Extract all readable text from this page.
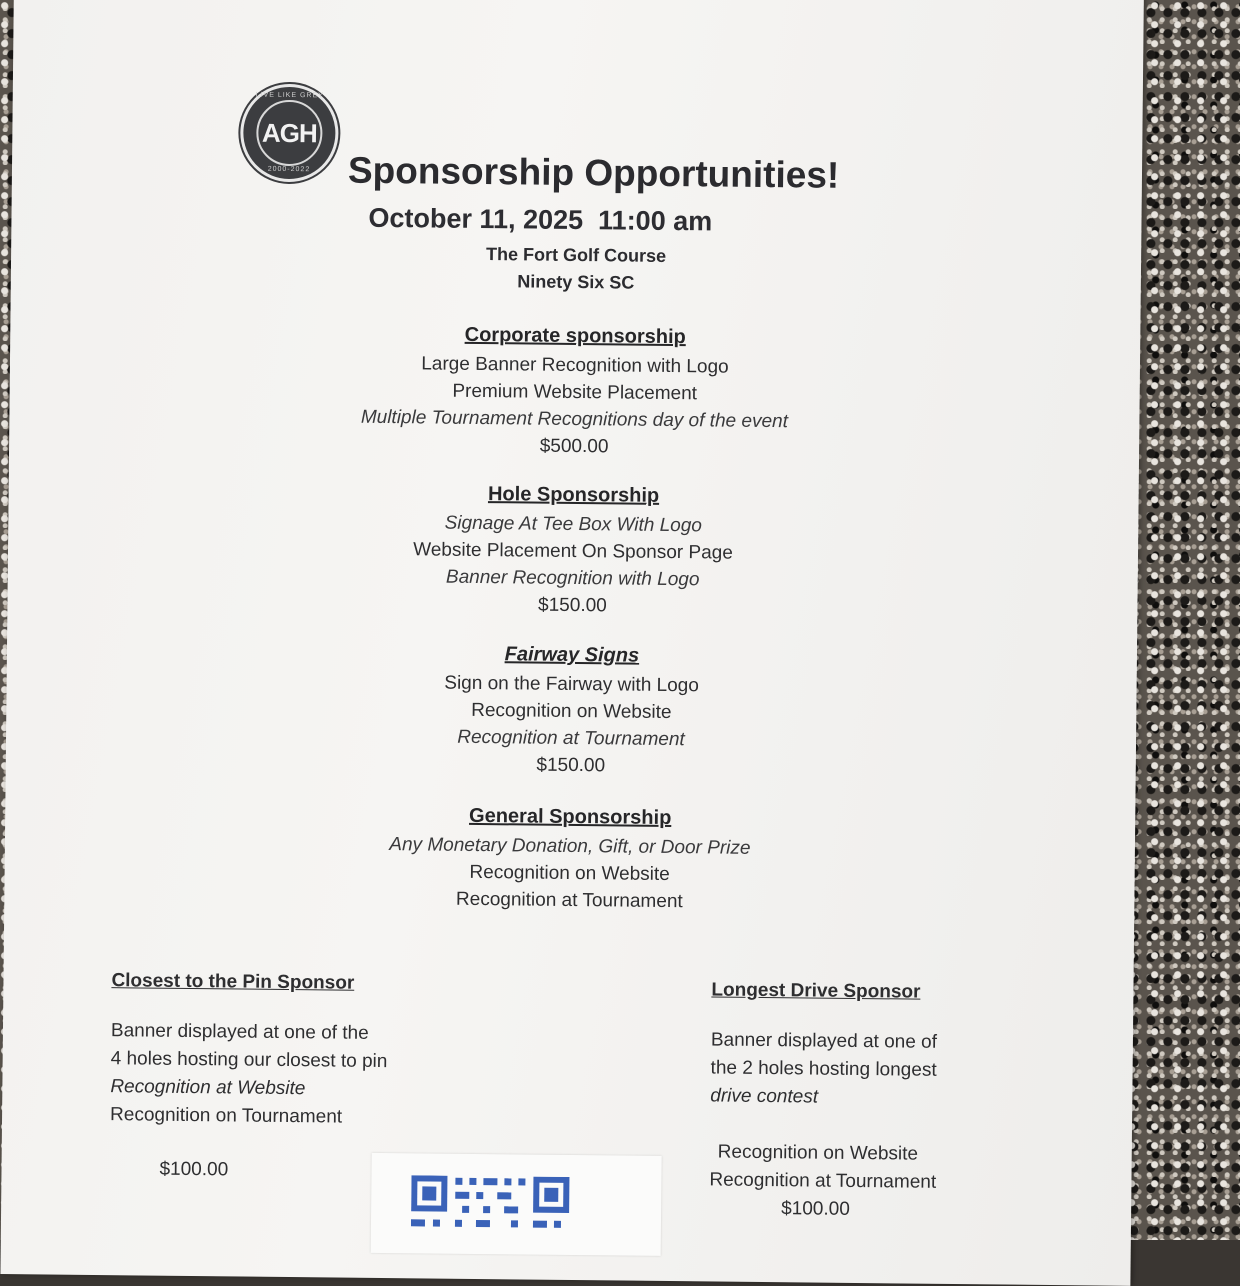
LIVE LIKE GREY
AGH
2000-2022	Sponsorship Opportunities!
October 11, 2025  11:00 am
The Fort Golf Course
Ninety Six SC
Corporate sponsorship
Large Banner Recognition with Logo
Premium Website Placement
Multiple Tournament Recognitions day of the event
$500.00
Hole Sponsorship
Signage At Tee Box With Logo
Website Placement On Sponsor Page
Banner Recognition with Logo
$150.00
Fairway Signs
Sign on the Fairway with Logo
Recognition on Website
Recognition at Tournament
$150.00
General Sponsorship
Any Monetary Donation, Gift, or Door Prize
Recognition on Website
Recognition at Tournament
Closest to the Pin Sponsor
Banner displayed at one of the
4 holes hosting our closest to pin
Recognition at Website
Recognition on Tournament
$100.00
Longest Drive Sponsor
Banner displayed at one of
the 2 holes hosting longest
drive contest
Recognition on Website
Recognition at Tournament
$100.00
